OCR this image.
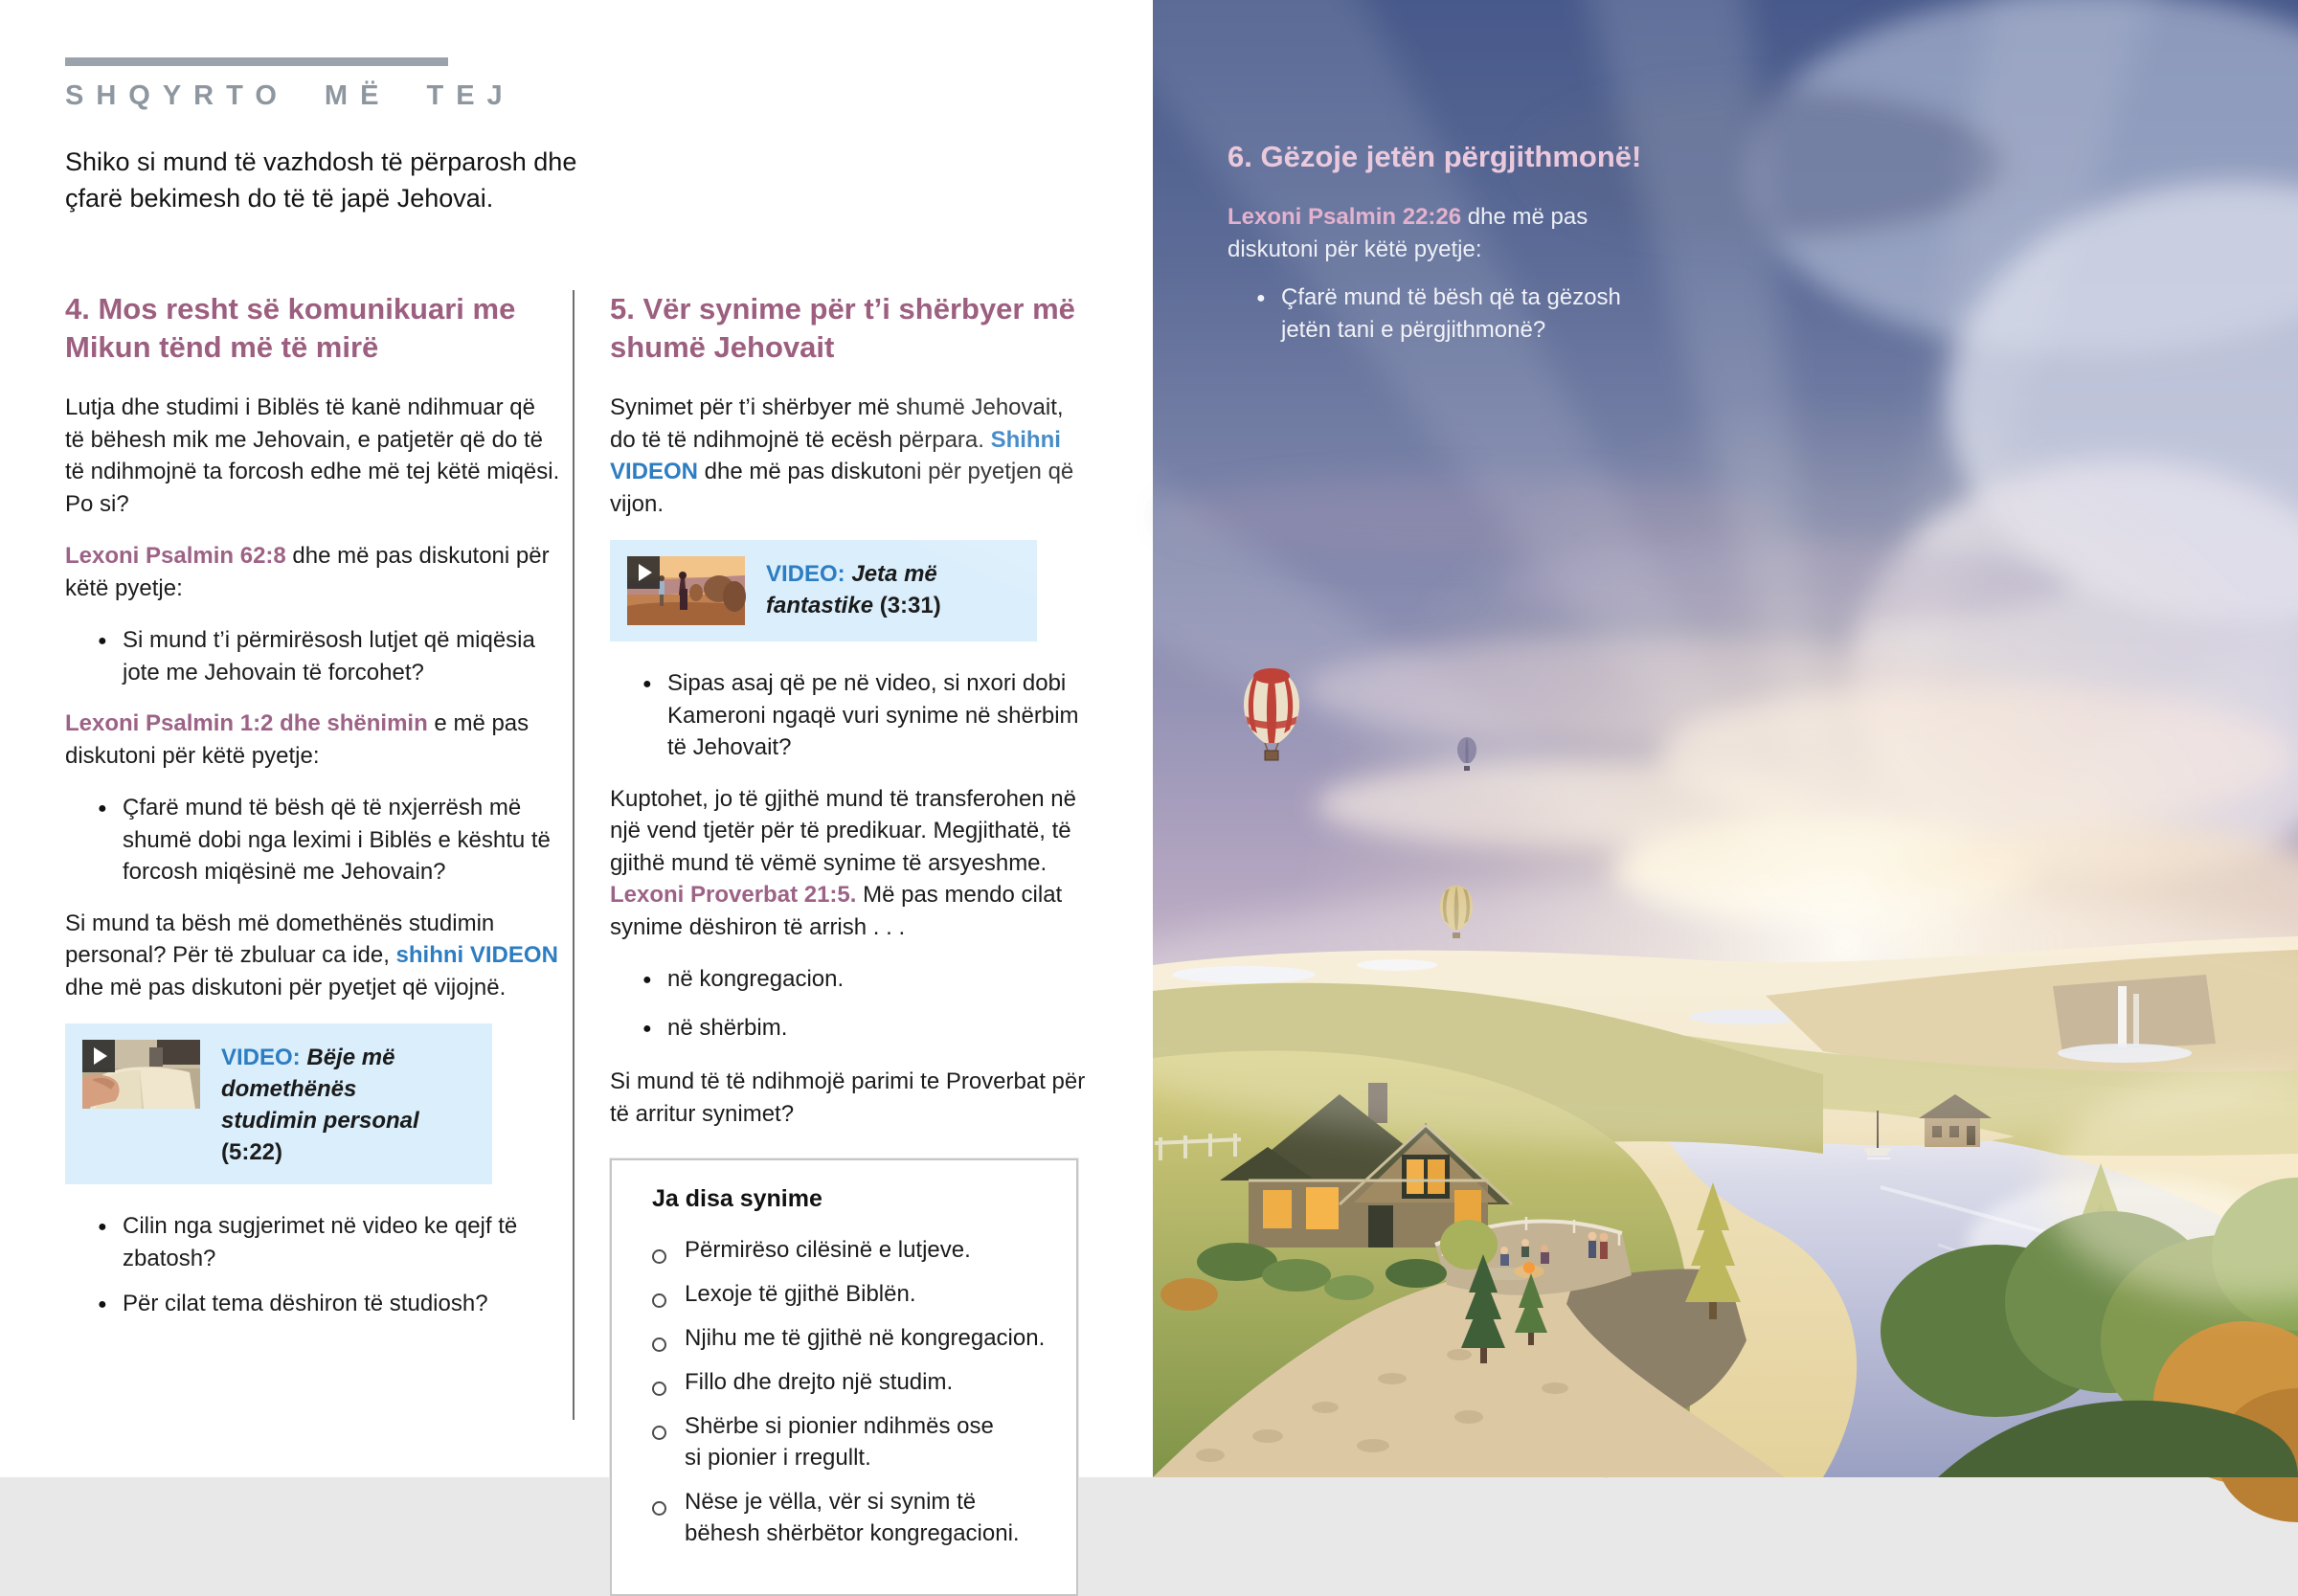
SHQYRTO MË TEJ
Shiko si mund të vazhdosh të përparosh dhe çfarë bekimesh do të të japë Jehovai.
4. Mos resht së komunikuari me Mikun tënd më të mirë

Lutja dhe studimi i Biblës të kanë ndihmuar që të bëhesh mik me Jehovain, e patjetër që do të të ndihmojnë ta forcosh edhe më tej këtë miqësi. Po si?

Lexoni Psalmin 62:8 dhe më pas diskutoni për këtë pyetje:

●
Si mund t’i përmirësosh lutjet që miqësia jote me Jehovain të forcohet?

Lexoni Psalmin 1:2 dhe shënimin e më pas diskutoni për këtë pyetje:

●
Çfarë mund të bësh që të nxjerrësh më shumë dobi nga leximi i Biblës e kështu të forcosh miqësinë me Jehovain?

Si mund ta bësh më domethënës studimin personal? Për të zbuluar ca ide, shihni VIDEON dhe më pas diskutoni për pyetjet që vijojnë.

VIDEO: Bëje më domethënës studimin personal (5:22)
●
Cilin nga sugjerimet në video ke qejf të zbatosh?
●
Për cilat tema dëshiron të studiosh?
5. Vër synime për t’i shërbyer më shumë Jehovait

Synimet për t’i shërbyer më shumë Jehovait, do të të ndihmojnë të ecësh përpara. Shihni VIDEON dhe më pas diskutoni për pyetjen që vijon.

VIDEO: Jeta më fantastike (3:31)
●
Sipas asaj që pe në video, si nxori dobi Kameroni ngaqë vuri synime në shërbim të Jehovait?

Kuptohet, jo të gjithë mund të transferohen në një vend tjetër për të predikuar. Megjithatë, të gjithë mund të vëmë synime të arsyeshme. Lexoni Proverbat 21:5. Më pas mendo cilat synime dëshiron të arrish . . .

●
në kongregacion.
●
në shërbim.

Si mund të të ndihmojë parimi te Proverbat për të arritur synimet?

Ja disa synime
Përmirëso cilësinë e lutjeve.
Lexoje të gjithë Biblën.
Njihu me të gjithë në kongregacion.
Fillo dhe drejto një studim.
Shërbe si pionier ndihmës ose si pionier i rregullt.
Nëse je vëlla, vër si synim të bëhesh shërbëtor kongregacioni.
6. Gëzoje jetën përgjithmonë!

Lexoni Psalmin 22:26 dhe më pas diskutoni për këtë pyetje:

●
Çfarë mund të bësh që ta gëzosh jetën tani e përgjithmonë?
